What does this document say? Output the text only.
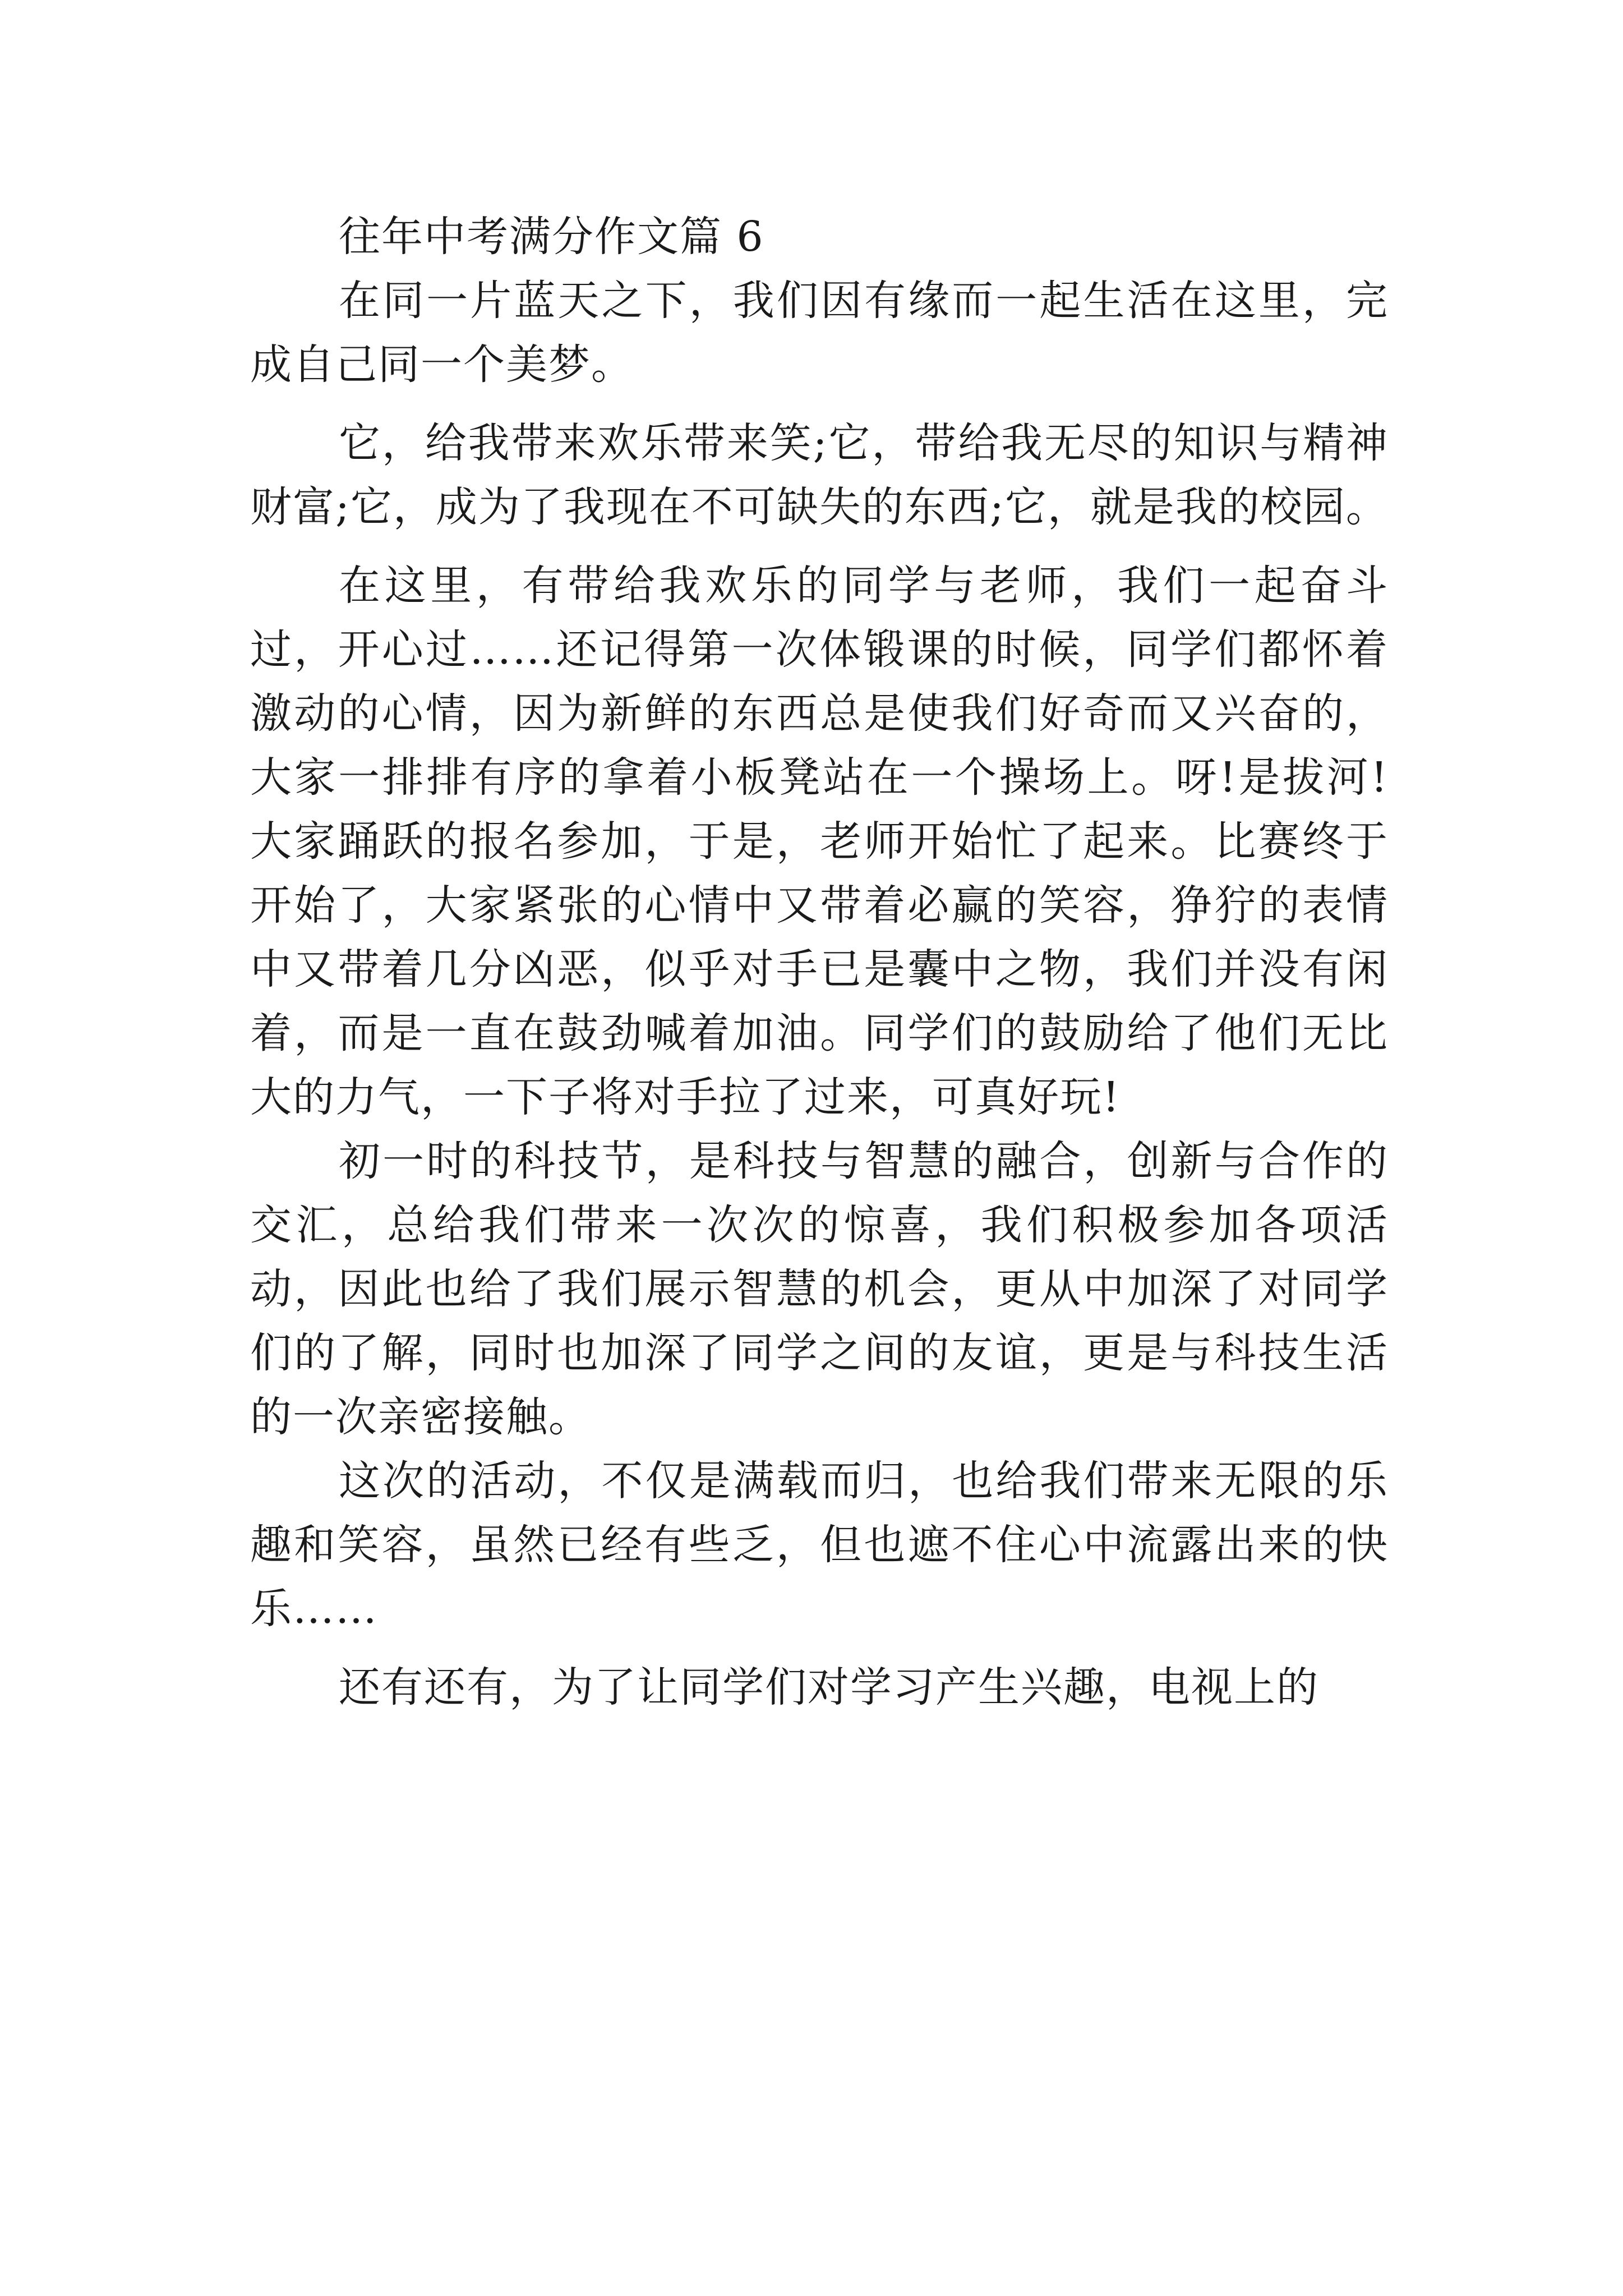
往年中考满分作文篇 6

在同一片蓝天之下，我们因有缘而一起生活在这里，完成自己同一个美梦。

它，给我带来欢乐带来笑;它，带给我无尽的知识与精神财富;它，成为了我现在不可缺失的东西;它，就是我的校园。

在这里，有带给我欢乐的同学与老师，我们一起奋斗过，开心过……还记得第一次体锻课的时候，同学们都怀着激动的心情，因为新鲜的东西总是使我们好奇而又兴奋的，大家一排排有序的拿着小板凳站在一个操场上。呀!是拔河!大家踊跃的报名参加，于是，老师开始忙了起来。比赛终于开始了，大家紧张的心情中又带着必赢的笑容，狰狞的表情中又带着几分凶恶，似乎对手已是囊中之物，我们并没有闲着，而是一直在鼓劲喊着加油。同学们的鼓励给了他们无比大的力气，一下子将对手拉了过来，可真好玩!

初一时的科技节，是科技与智慧的融合，创新与合作的交汇，总给我们带来一次次的惊喜，我们积极参加各项活动，因此也给了我们展示智慧的机会，更从中加深了对同学们的了解，同时也加深了同学之间的友谊，更是与科技生活的一次亲密接触。

这次的活动，不仅是满载而归，也给我们带来无限的乐趣和笑容，虽然已经有些乏，但也遮不住心中流露出来的快乐……

还有还有，为了让同学们对学习产生兴趣，电视上的
